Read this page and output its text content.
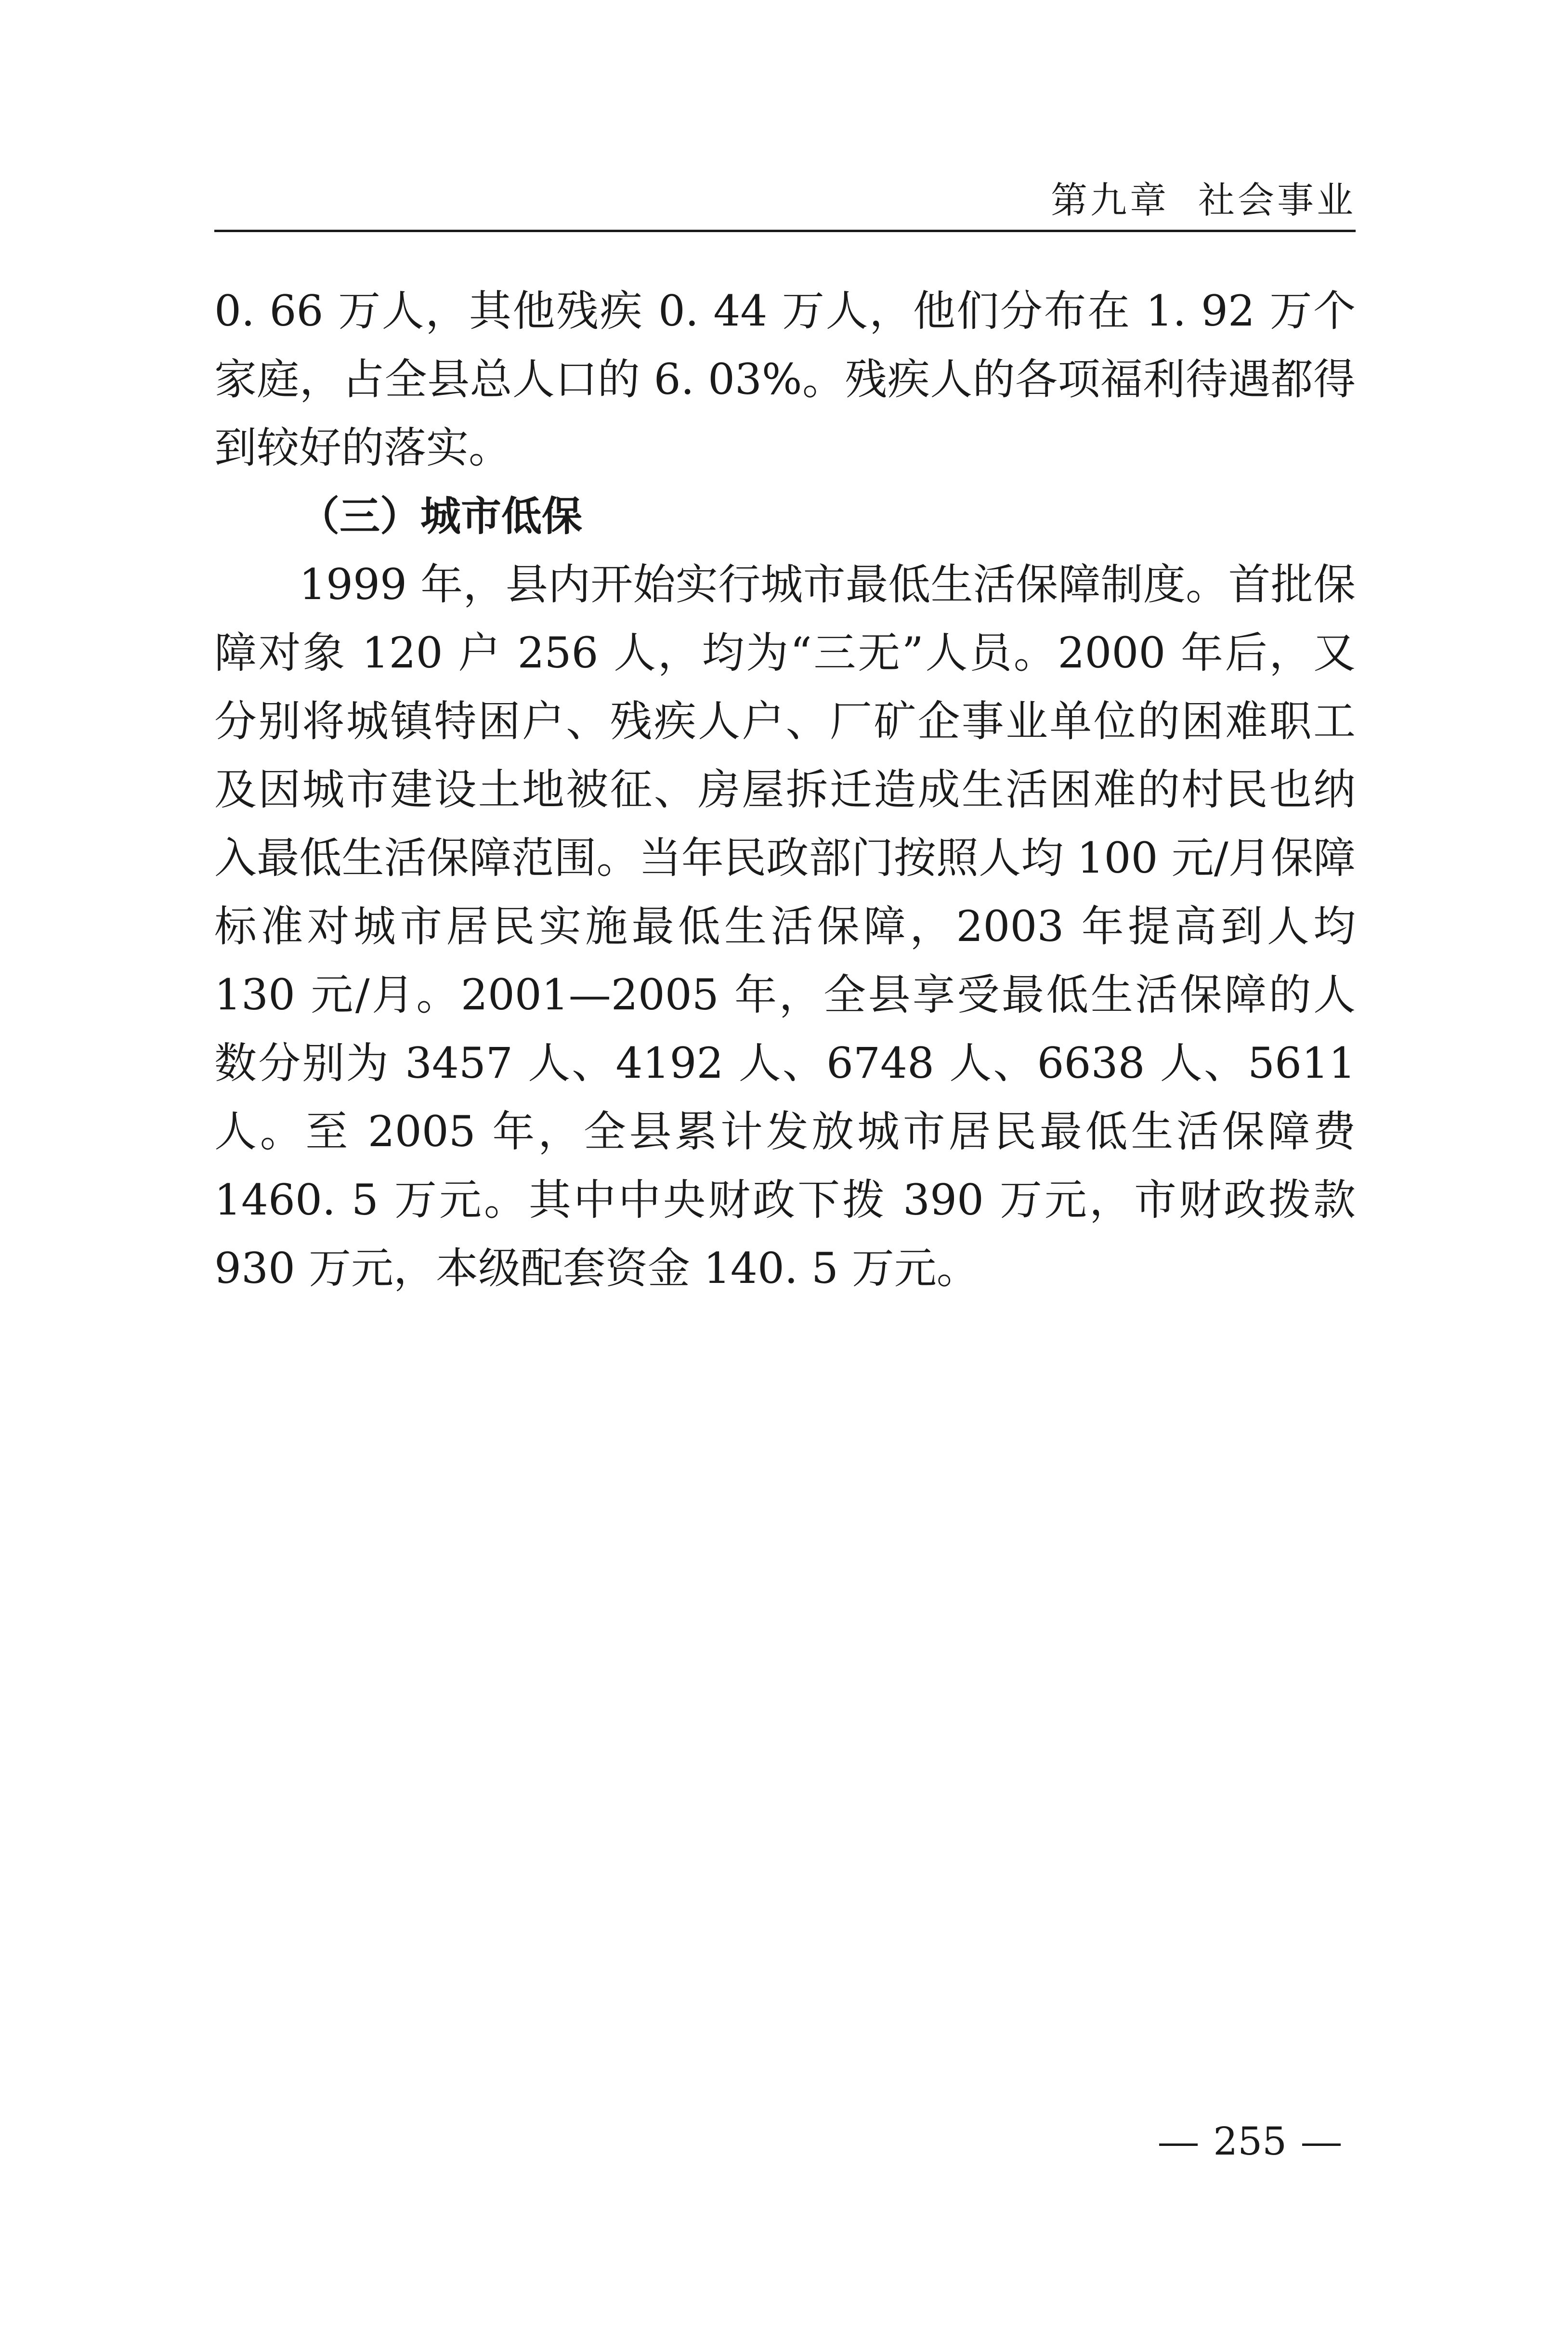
第九章 社会事业

0. 66 万人，其他残疾 0. 44 万人，他们分布在 1. 92 万个家庭，占全县总人口的 6. 03%。残疾人的各项福利待遇都得到较好的落实。

（三）城市低保

1999 年，县内开始实行城市最低生活保障制度。首批保障对象 120 户 256 人，均为“三无”人员。2000 年后，又分别将城镇特困户、残疾人户、厂矿企事业单位的困难职工及因城市建设土地被征、房屋拆迁造成生活困难的村民也纳入最低生活保障范围。当年民政部门按照人均 100 元/月保障标准对城市居民实施最低生活保障，2003 年提高到人均 130 元/月。2001—2005 年，全县享受最低生活保障的人数分别为 3457 人、4192 人、6748 人、6638 人、5611 人。至 2005 年，全县累计发放城市居民最低生活保障费 1460. 5 万元。其中中央财政下拨 390 万元，市财政拨款 930 万元，本级配套资金 140. 5 万元。

255
